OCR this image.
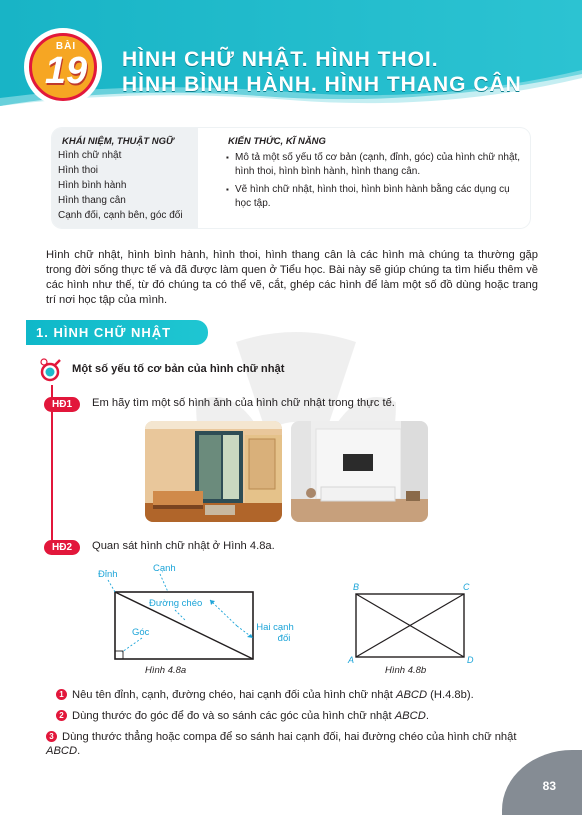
BÀI
19	HÌNH CHỮ NHẬT. HÌNH THOI.
HÌNH BÌNH HÀNH. HÌNH THANG CÂN
KHÁI NIỆM, THUẬT NGỮ
Hình chữ nhật
Hình thoi
Hình bình hành
Hình thang cân
Cạnh đối, cạnh bên, góc đối
KIẾN THỨC, KĨ NĂNG
▪ Mô tả một số yếu tố cơ bản (cạnh, đỉnh, góc) của hình chữ nhật, hình thoi, hình bình hành, hình thang cân.
▪ Vẽ hình chữ nhật, hình thoi, hình bình hành bằng các dụng cụ học tập.
Hình chữ nhật, hình bình hành, hình thoi, hình thang cân là các hình mà chúng ta thường gặp trong đời sống thực tế và đã được làm quen ở Tiểu học. Bài này sẽ giúp chúng ta tìm hiểu thêm về các hình như thế, từ đó chúng ta có thể vẽ, cắt, ghép các hình để làm một số đồ dùng hoặc trang trí nơi học tập của mình.
1. HÌNH CHỮ NHẬT
Một số yếu tố cơ bản của hình chữ nhật
HĐ1	Em hãy tìm một số hình ảnh của hình chữ nhật trong thực tế.
HĐ2	Quan sát hình chữ nhật ở Hình 4.8a.
Đỉnh
Cạnh
Đường chéo
Góc	Hai cạnh
đối
Hình 4.8a
B	C
A	D
Hình 4.8b
1 Nêu tên đỉnh, cạnh, đường chéo, hai cạnh đối của hình chữ nhật ABCD (H.4.8b).
2 Dùng thước đo góc để đo và so sánh các góc của hình chữ nhật ABCD.
3 Dùng thước thẳng hoặc compa để so sánh hai cạnh đối, hai đường chéo của hình chữ nhật ABCD.
83
